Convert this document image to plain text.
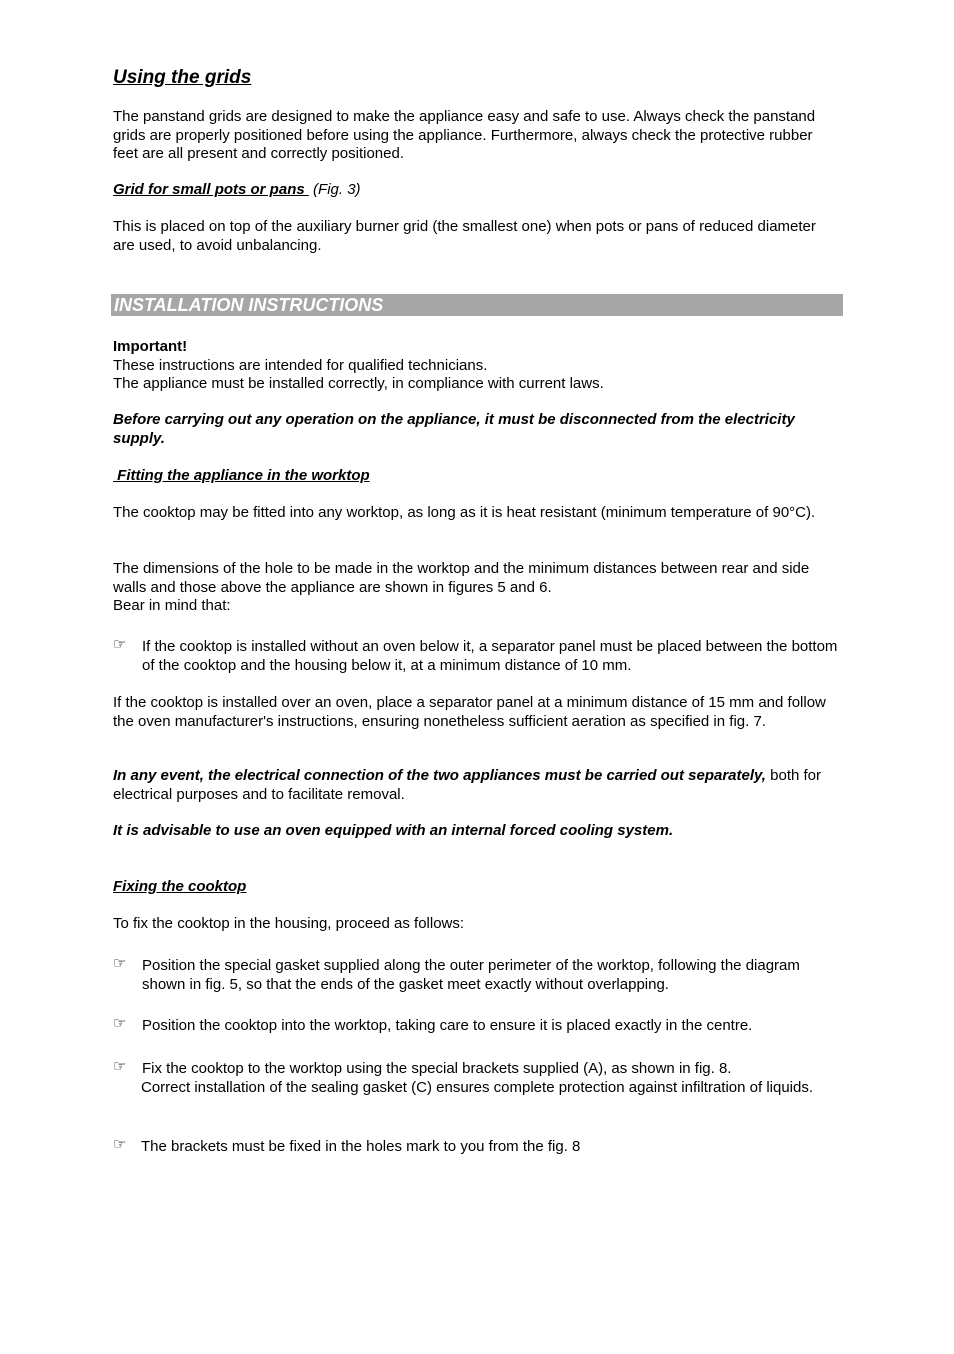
Using the grids
The panstand grids are designed to make the appliance easy and safe to use. Always check the panstand grids are properly positioned before using the appliance. Furthermore, always check the protective rubber feet are all present and correctly positioned.
Grid for small pots or pans  (Fig. 3)
This is placed on top of the auxiliary burner grid (the smallest one) when pots or pans of reduced diameter are used, to avoid unbalancing.
INSTALLATION INSTRUCTIONS
Important!
These instructions are intended for qualified technicians.
The appliance must be installed correctly, in compliance with current laws.
Before carrying out any operation on the appliance, it must be disconnected from the electricity supply.
Fitting the appliance in the worktop
The cooktop may be fitted into any worktop, as long as it is heat resistant (minimum temperature of 90°C).
The dimensions of the hole to be made in the worktop and the minimum distances between rear and side walls and those above the appliance are shown in figures 5 and 6.
Bear in mind that:
☞	If the cooktop is installed without an oven below it, a separator panel must be placed between the bottom of the cooktop and the housing below it, at a minimum distance of 10 mm.
If the cooktop is installed over an oven, place a separator panel at a minimum distance of 15 mm and follow the oven manufacturer's instructions, ensuring nonetheless sufficient aeration as specified in fig. 7.
In any event, the electrical connection of the two appliances must be carried out separately, both for electrical purposes and to facilitate removal.
It is advisable to use an oven equipped with an internal forced cooling system.
Fixing the cooktop
To fix the cooktop in the housing, proceed as follows:
☞	Position the special gasket supplied along the outer perimeter of the worktop, following the diagram shown in fig. 5, so that the ends of the gasket meet exactly without overlapping.
☞	Position the cooktop into the worktop, taking care to ensure it is placed exactly in the centre.
☞	Fix the cooktop to the worktop using the special brackets supplied (A), as shown in fig. 8.
Correct installation of the sealing gasket (C) ensures complete protection against infiltration of liquids.
☞ The brackets must be fixed in the holes mark to you from the fig. 8
